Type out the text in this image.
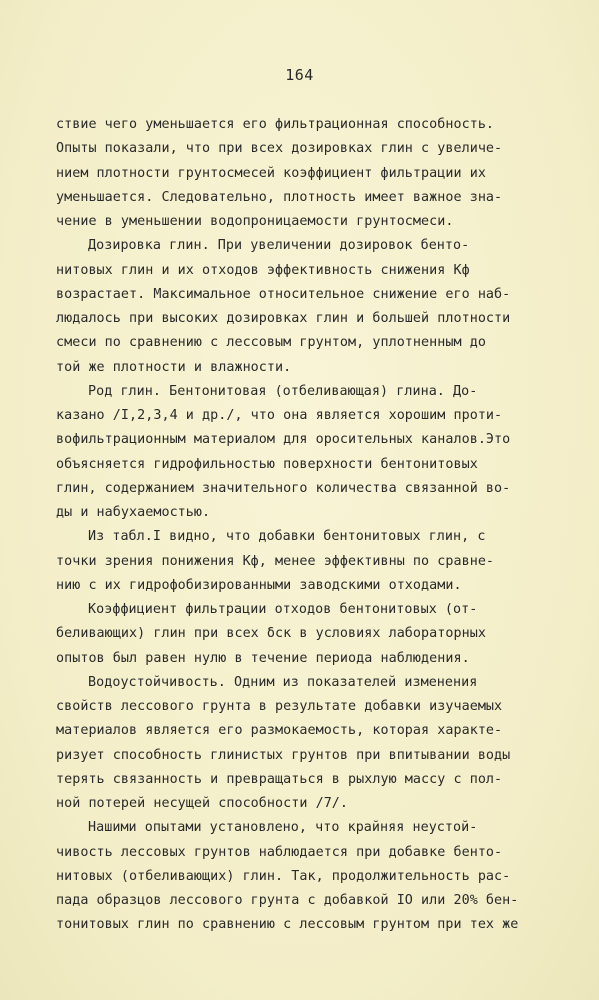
164
ствие чего уменьшается его фильтрационная способность.
Опыты показали, что при всех дозировках глин с увеличе-
нием плотности грунтосмесей коэффициент фильтрации их
уменьшается. Следовательно, плотность имеет важное зна-
чение в уменьшении водопроницаемости грунтосмеси.
Дозировка глин. При увеличении дозировок бенто-
нитовых глин и их отходов эффективность снижения Кф
возрастает. Максимальное относительное снижение его наб-
людалось при высоких дозировках глин и большей плотности
смеси по сравнению с лессовым грунтом, уплотненным до
той же плотности и влажности.
Род глин. Бентонитовая (отбеливающая) глина. До-
казано /I,2,3,4 и др./, что она является хорошим проти-
вофильтрационным материалом для оросительных каналов.Это
объясняется гидрофильностью поверхности бентонитовых
глин, содержанием значительного количества связанной во-
ды и набухаемостью.
Из табл.I видно, что добавки бентонитовых глин, с
точки зрения понижения Кф, менее эффективны по сравне-
нию с их гидрофобизированными заводскими отходами.
Коэффициент фильтрации отходов бентонитовых (от-
беливающих) глин при всех δск в условиях лабораторных
опытов был равен нулю в течение периода наблюдения.
Водоустойчивость. Одним из показателей изменения
свойств лессового грунта в результате добавки изучаемых
материалов является его размокаемость, которая характе-
ризует способность глинистых грунтов при впитывании воды
терять связанность и превращаться в рыхлую массу с пол-
ной потерей несущей способности /7/.
Нашими опытами установлено, что крайняя неустой-
чивость лессовых грунтов наблюдается при добавке бенто-
нитовых (отбеливающих) глин. Так, продолжительность рас-
пада образцов лессового грунта с добавкой IO или 20% бен-
тонитовых глин по сравнению с лессовым грунтом при тех же
